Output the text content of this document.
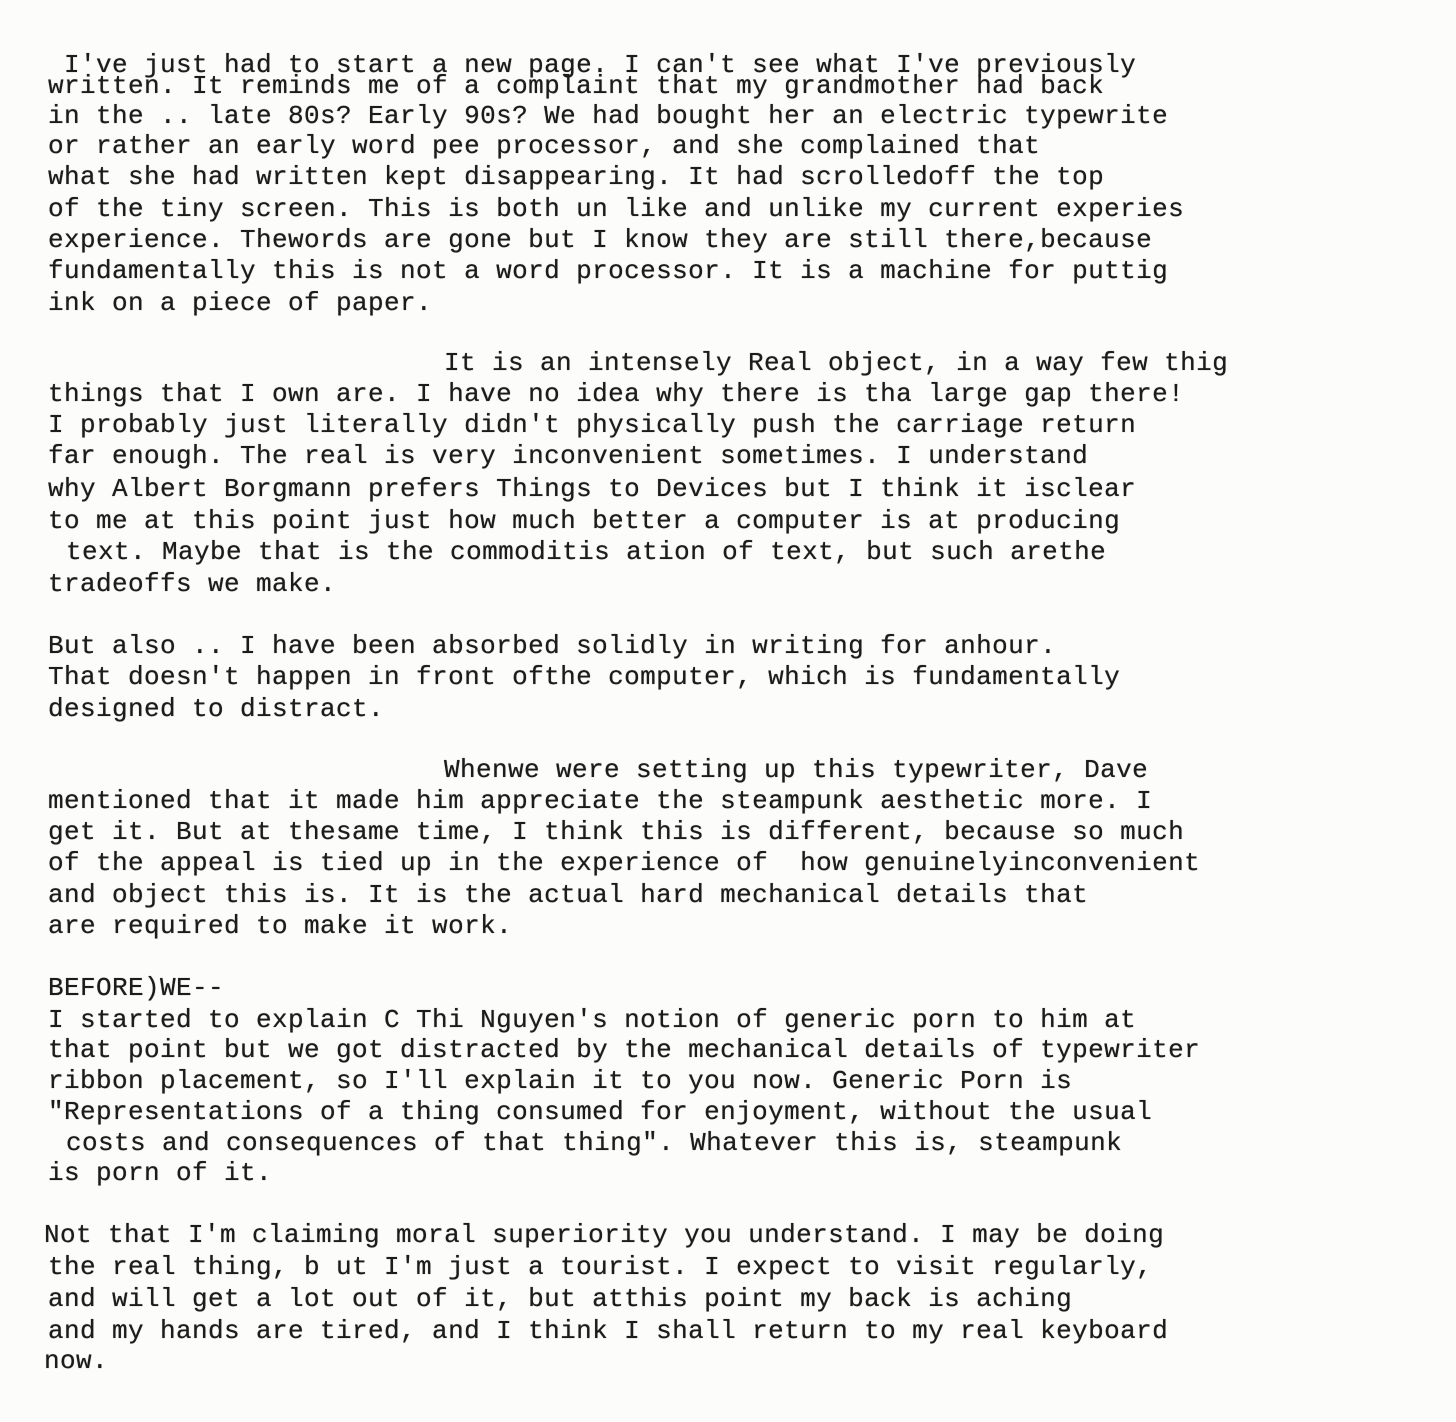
I've just had to start a new page. I can't see what I've previously

written. It reminds me of a complaint that my grandmother had back

in the .. late 80s? Early 90s? We had bought her an electric typewrite

or rather an early word pee processor, and she complained that

what she had written kept disappearing. It had scrolledoff the top

of the tiny screen. This is both un like and unlike my current experies

experience. Thewords are gone but I know they are still there,because

fundamentally this is not a word processor. It is a machine for puttig

ink on a piece of paper.

It is an intensely Real object, in a way few thig

things that I own are. I have no idea why there is tha large gap there!

I probably just literally didn't physically push the carriage return

far enough. The real is very inconvenient sometimes. I understand

why Albert Borgmann prefers Things to Devices but I think it isclear

to me at this point just how much better a computer is at producing

text. Maybe that is the commoditis ation of text, but such arethe

tradeoffs we make.

But also .. I have been absorbed solidly in writing for anhour.

That doesn't happen in front ofthe computer, which is fundamentally

designed to distract.

Whenwe were setting up this typewriter, Dave

mentioned that it made him appreciate the steampunk aesthetic more. I

get it. But at thesame time, I think this is different, because so much

of the appeal is tied up in the experience of  how genuinelyinconvenient

and object this is. It is the actual hard mechanical details that

are required to make it work.

BEFORE)WE--

I started to explain C Thi Nguyen's notion of generic porn to him at

that point but we got distracted by the mechanical details of typewriter

ribbon placement, so I'll explain it to you now. Generic Porn is

"Representations of a thing consumed for enjoyment, without the usual

costs and consequences of that thing". Whatever this is, steampunk

is porn of it.

Not that I'm claiming moral superiority you understand. I may be doing

the real thing, b ut I'm just a tourist. I expect to visit regularly,

and will get a lot out of it, but atthis point my back is aching

and my hands are tired, and I think I shall return to my real keyboard

now.
